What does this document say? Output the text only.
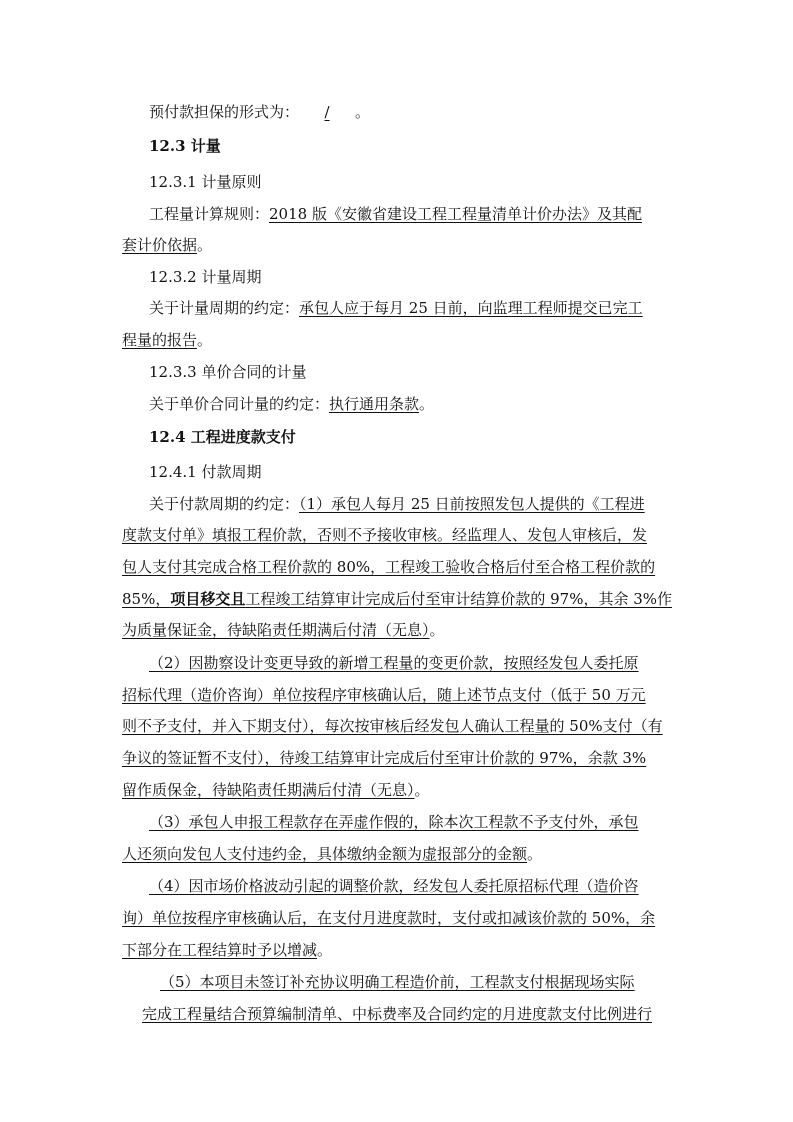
预付款担保的形式为： / 。
12.3 计量
12.3.1 计量原则
工程量计算规则：2018 版《安徽省建设工程工程量清单计价办法》及其配
套计价依据。
12.3.2 计量周期
关于计量周期的约定：承包人应于每月 25 日前，向监理工程师提交已完工
程量的报告。
12.3.3 单价合同的计量
关于单价合同计量的约定：执行通用条款。
12.4 工程进度款支付
12.4.1 付款周期
关于付款周期的约定：（1）承包人每月 25 日前按照发包人提供的《工程进
度款支付单》填报工程价款，否则不予接收审核。经监理人、发包人审核后，发
包人支付其完成合格工程价款的 80%，工程竣工验收合格后付至合格工程价款的
85%，项目移交且工程竣工结算审计完成后付至审计结算价款的 97%，其余 3%作
为质量保证金，待缺陷责任期满后付清（无息）。
（2）因勘察设计变更导致的新增工程量的变更价款，按照经发包人委托原
招标代理（造价咨询）单位按程序审核确认后，随上述节点支付（低于 50 万元
则不予支付，并入下期支付），每次按审核后经发包人确认工程量的 50%支付（有
争议的签证暂不支付），待竣工结算审计完成后付至审计价款的 97%，余款 3%
留作质保金，待缺陷责任期满后付清（无息）。
（3）承包人申报工程款存在弄虚作假的，除本次工程款不予支付外，承包
人还须向发包人支付违约金，具体缴纳金额为虚报部分的金额。
（4）因市场价格波动引起的调整价款，经发包人委托原招标代理（造价咨
询）单位按程序审核确认后，在支付月进度款时，支付或扣减该价款的 50%，余
下部分在工程结算时予以增减。
（5）本项目未签订补充协议明确工程造价前，工程款支付根据现场实际
完成工程量结合预算编制清单、中标费率及合同约定的月进度款支付比例进行
